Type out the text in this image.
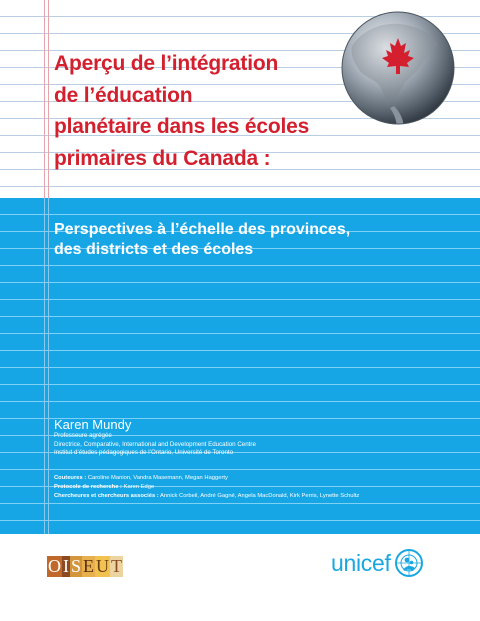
Aperçu de l’intégration
de l’éducation
planétaire dans les écoles
primaires du Canada :
Perspectives à l’échelle des provinces,
des districts et des écoles
Karen Mundy
Professeure agrégée
Directrice, Comparative, International and Development Education Centre
Institut d’études pédagogiques de l’Ontario, Université de Toronto
Couteures : Caroline Manion, Vandra Masemann, Megan Haggerty
Protocole de recherche : Karen Edge
Chercheures et chercheurs associés : Annick Corbeil, André Gagné, Angela MacDonald, Kirk Perris, Lynette Schultz
O I S E U T	unicef
